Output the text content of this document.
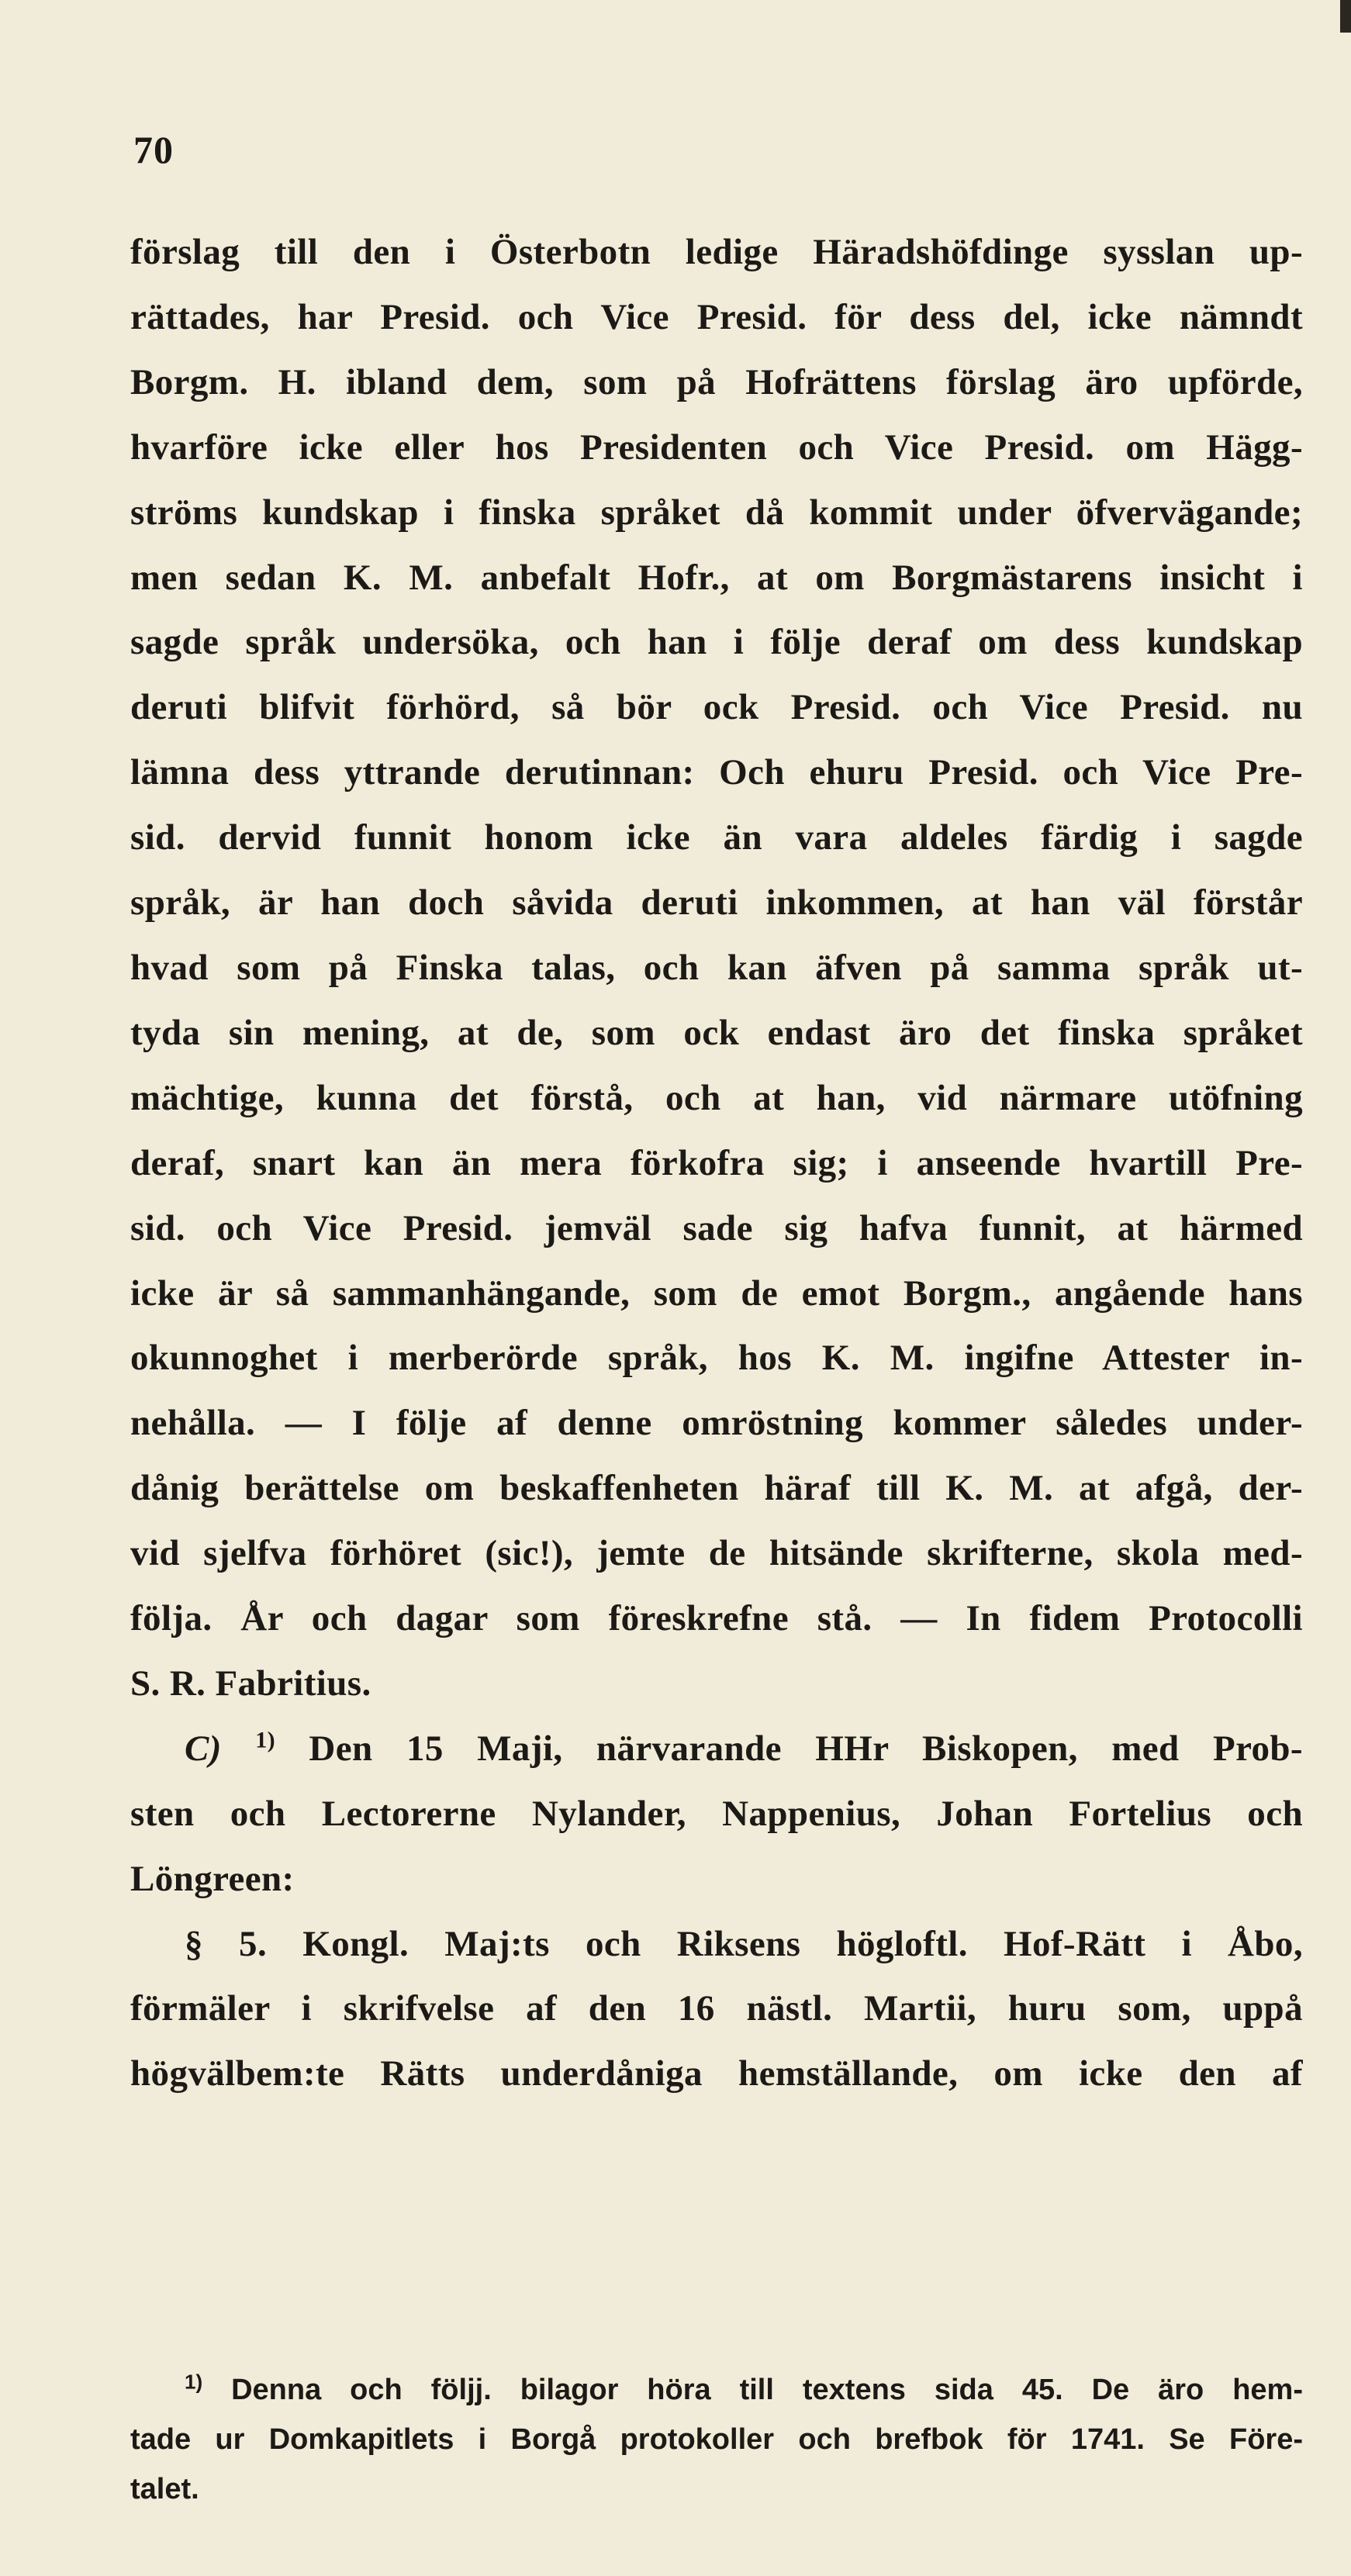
70
förslag till den i Österbotn ledige Häradshöfdinge sysslan up-
rättades, har Presid. och Vice Presid. för dess del, icke nämndt
Borgm. H. ibland dem, som på Hofrättens förslag äro upförde,
hvarföre icke eller hos Presidenten och Vice Presid. om Hägg-
ströms kundskap i finska språket då kommit under öfvervägande;
men sedan K. M. anbefalt Hofr., at om Borgmästarens insicht i
sagde språk undersöka, och han i följe deraf om dess kundskap
deruti blifvit förhörd, så bör ock Presid. och Vice Presid. nu
lämna dess yttrande derutinnan: Och ehuru Presid. och Vice Pre-
sid. dervid funnit honom icke än vara aldeles färdig i sagde
språk, är han doch såvida deruti inkommen, at han väl förstår
hvad som på Finska talas, och kan äfven på samma språk ut-
tyda sin mening, at de, som ock endast äro det finska språket
mächtige, kunna det förstå, och at han, vid närmare utöfning
deraf, snart kan än mera förkofra sig; i anseende hvartill Pre-
sid. och Vice Presid. jemväl sade sig hafva funnit, at härmed
icke är så sammanhängande, som de emot Borgm., angående hans
okunnoghet i merberörde språk, hos K. M. ingifne Attester in-
nehålla. — I följe af denne omröstning kommer således under-
dånig berättelse om beskaffenheten häraf till K. M. at afgå, der-
vid sjelfva förhöret (sic!), jemte de hitsände skrifterne, skola med-
följa. År och dagar som föreskrefne stå. — In fidem Protocolli
S. R. Fabritius.
C) $^{1)}$ Den 15 Maji, närvarande HHr Biskopen, med Prob-
sten och Lectorerne Nylander, Nappenius, Johan Fortelius och
Löngreen:
§ 5. Kongl. Maj:ts och Riksens högloftl. Hof-Rätt i Åbo,
förmäler i skrifvelse af den 16 nästl. Martii, huru som, uppå
högvälbem:te Rätts underdåniga hemställande, om icke den af
$^{1)}$ Denna och följj. bilagor höra till textens sida 45. De äro hem-
tade ur Domkapitlets i Borgå protokoller och brefbok för 1741. Se Före-
talet.
